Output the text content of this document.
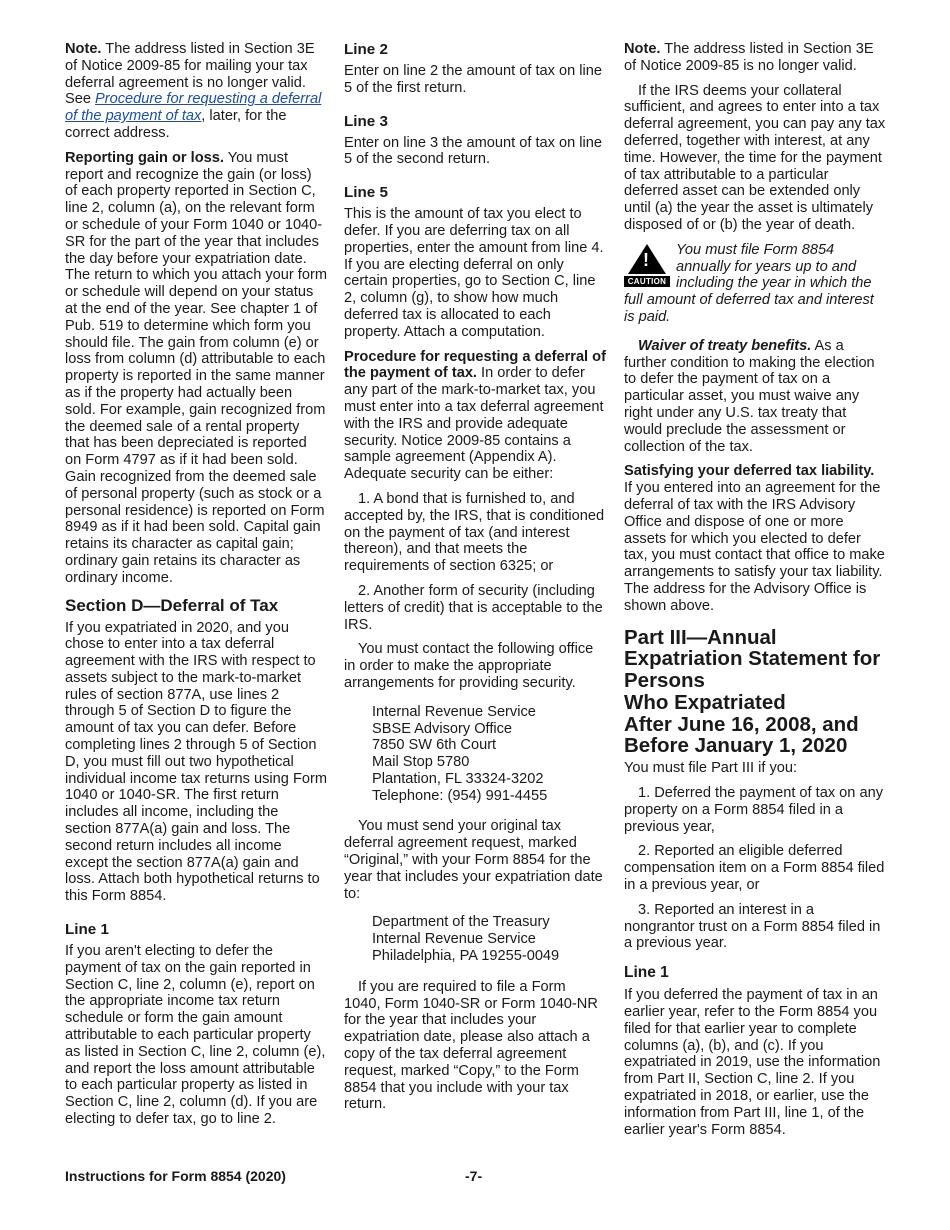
Note. The address listed in Section 3E of Notice 2009-85 for mailing your tax deferral agreement is no longer valid. See Procedure for requesting a deferral of the payment of tax, later, for the correct address.

Reporting gain or loss. You must report and recognize the gain (or loss) of each property reported in Section C, line 2, column (a), on the relevant form or schedule of your Form 1040 or 1040-SR for the part of the year that includes the day before your expatriation date. The return to which you attach your form or schedule will depend on your status at the end of the year. See chapter 1 of Pub. 519 to determine which form you should file. The gain from column (e) or loss from column (d) attributable to each property is reported in the same manner as if the property had actually been sold. For example, gain recognized from the deemed sale of a rental property that has been depreciated is reported on Form 4797 as if it had been sold. Gain recognized from the deemed sale of personal property (such as stock or a personal residence) is reported on Form 8949 as if it had been sold. Capital gain retains its character as capital gain; ordinary gain retains its character as ordinary income.

Section D—Deferral of Tax

If you expatriated in 2020, and you chose to enter into a tax deferral agreement with the IRS with respect to assets subject to the mark-to-market rules of section 877A, use lines 2 through 5 of Section D to figure the amount of tax you can defer. Before completing lines 2 through 5 of Section D, you must fill out two hypothetical individual income tax returns using Form 1040 or 1040-SR. The first return includes all income, including the section 877A(a) gain and loss. The second return includes all income except the section 877A(a) gain and loss. Attach both hypothetical returns to this Form 8854.

Line 1

If you aren't electing to defer the payment of tax on the gain reported in Section C, line 2, column (e), report on the appropriate income tax return schedule or form the gain amount attributable to each particular property as listed in Section C, line 2, column (e), and report the loss amount attributable to each particular property as listed in Section C, line 2, column (d). If you are electing to defer tax, go to line 2.

Line 2

Enter on line 2 the amount of tax on line 5 of the first return.

Line 3

Enter on line 3 the amount of tax on line 5 of the second return.

Line 5

This is the amount of tax you elect to defer. If you are deferring tax on all properties, enter the amount from line 4. If you are electing deferral on only certain properties, go to Section C, line 2, column (g), to show how much deferred tax is allocated to each property. Attach a computation.

Procedure for requesting a deferral of the payment of tax. In order to defer any part of the mark-to-market tax, you must enter into a tax deferral agreement with the IRS and provide adequate security. Notice 2009-85 contains a sample agreement (Appendix A). Adequate security can be either:

1. A bond that is furnished to, and accepted by, the IRS, that is conditioned on the payment of tax (and interest thereon), and that meets the requirements of section 6325; or

2. Another form of security (including letters of credit) that is acceptable to the IRS.

You must contact the following office in order to make the appropriate arrangements for providing security.

Internal Revenue Service
SBSE Advisory Office
7850 SW 6th Court
Mail Stop 5780
Plantation, FL 33324-3202
Telephone: (954) 991-4455

You must send your original tax deferral agreement request, marked “Original,” with your Form 8854 for the year that includes your expatriation date to:

Department of the Treasury
Internal Revenue Service
Philadelphia, PA 19255-0049

If you are required to file a Form 1040, Form 1040-SR or Form 1040-NR for the year that includes your expatriation date, please also attach a copy of the tax deferral agreement request, marked “Copy,” to the Form 8854 that you include with your tax return.

Note. The address listed in Section 3E of Notice 2009-85 is no longer valid.

If the IRS deems your collateral sufficient, and agrees to enter into a tax deferral agreement, you can pay any tax deferred, together with interest, at any time. However, the time for the payment of tax attributable to a particular deferred asset can be extended only until (a) the year the asset is ultimately disposed of or (b) the year of death.

!
CAUTION
You must file Form 8854 annually for years up to and including the year in which the full amount of deferred tax and interest is paid.

Waiver of treaty benefits. As a further condition to making the election to defer the payment of tax on a particular asset, you must waive any right under any U.S. tax treaty that would preclude the assessment or collection of the tax.

Satisfying your deferred tax liability. If you entered into an agreement for the deferral of tax with the IRS Advisory Office and dispose of one or more assets for which you elected to defer tax, you must contact that office to make arrangements to satisfy your tax liability. The address for the Advisory Office is shown above.

Part III—Annual
Expatriation Statement for
Persons
Who Expatriated
After June 16, 2008, and
Before January 1, 2020

You must file Part III if you:

1. Deferred the payment of tax on any property on a Form 8854 filed in a previous year,

2. Reported an eligible deferred compensation item on a Form 8854 filed in a previous year, or

3. Reported an interest in a nongrantor trust on a Form 8854 filed in a previous year.

Line 1

If you deferred the payment of tax in an earlier year, refer to the Form 8854 you filed for that earlier year to complete columns (a), (b), and (c). If you expatriated in 2019, use the information from Part II, Section C, line 2. If you expatriated in 2018, or earlier, use the information from Part III, line 1, of the earlier year's Form 8854.

Instructions for Form 8854 (2020)	-7-
